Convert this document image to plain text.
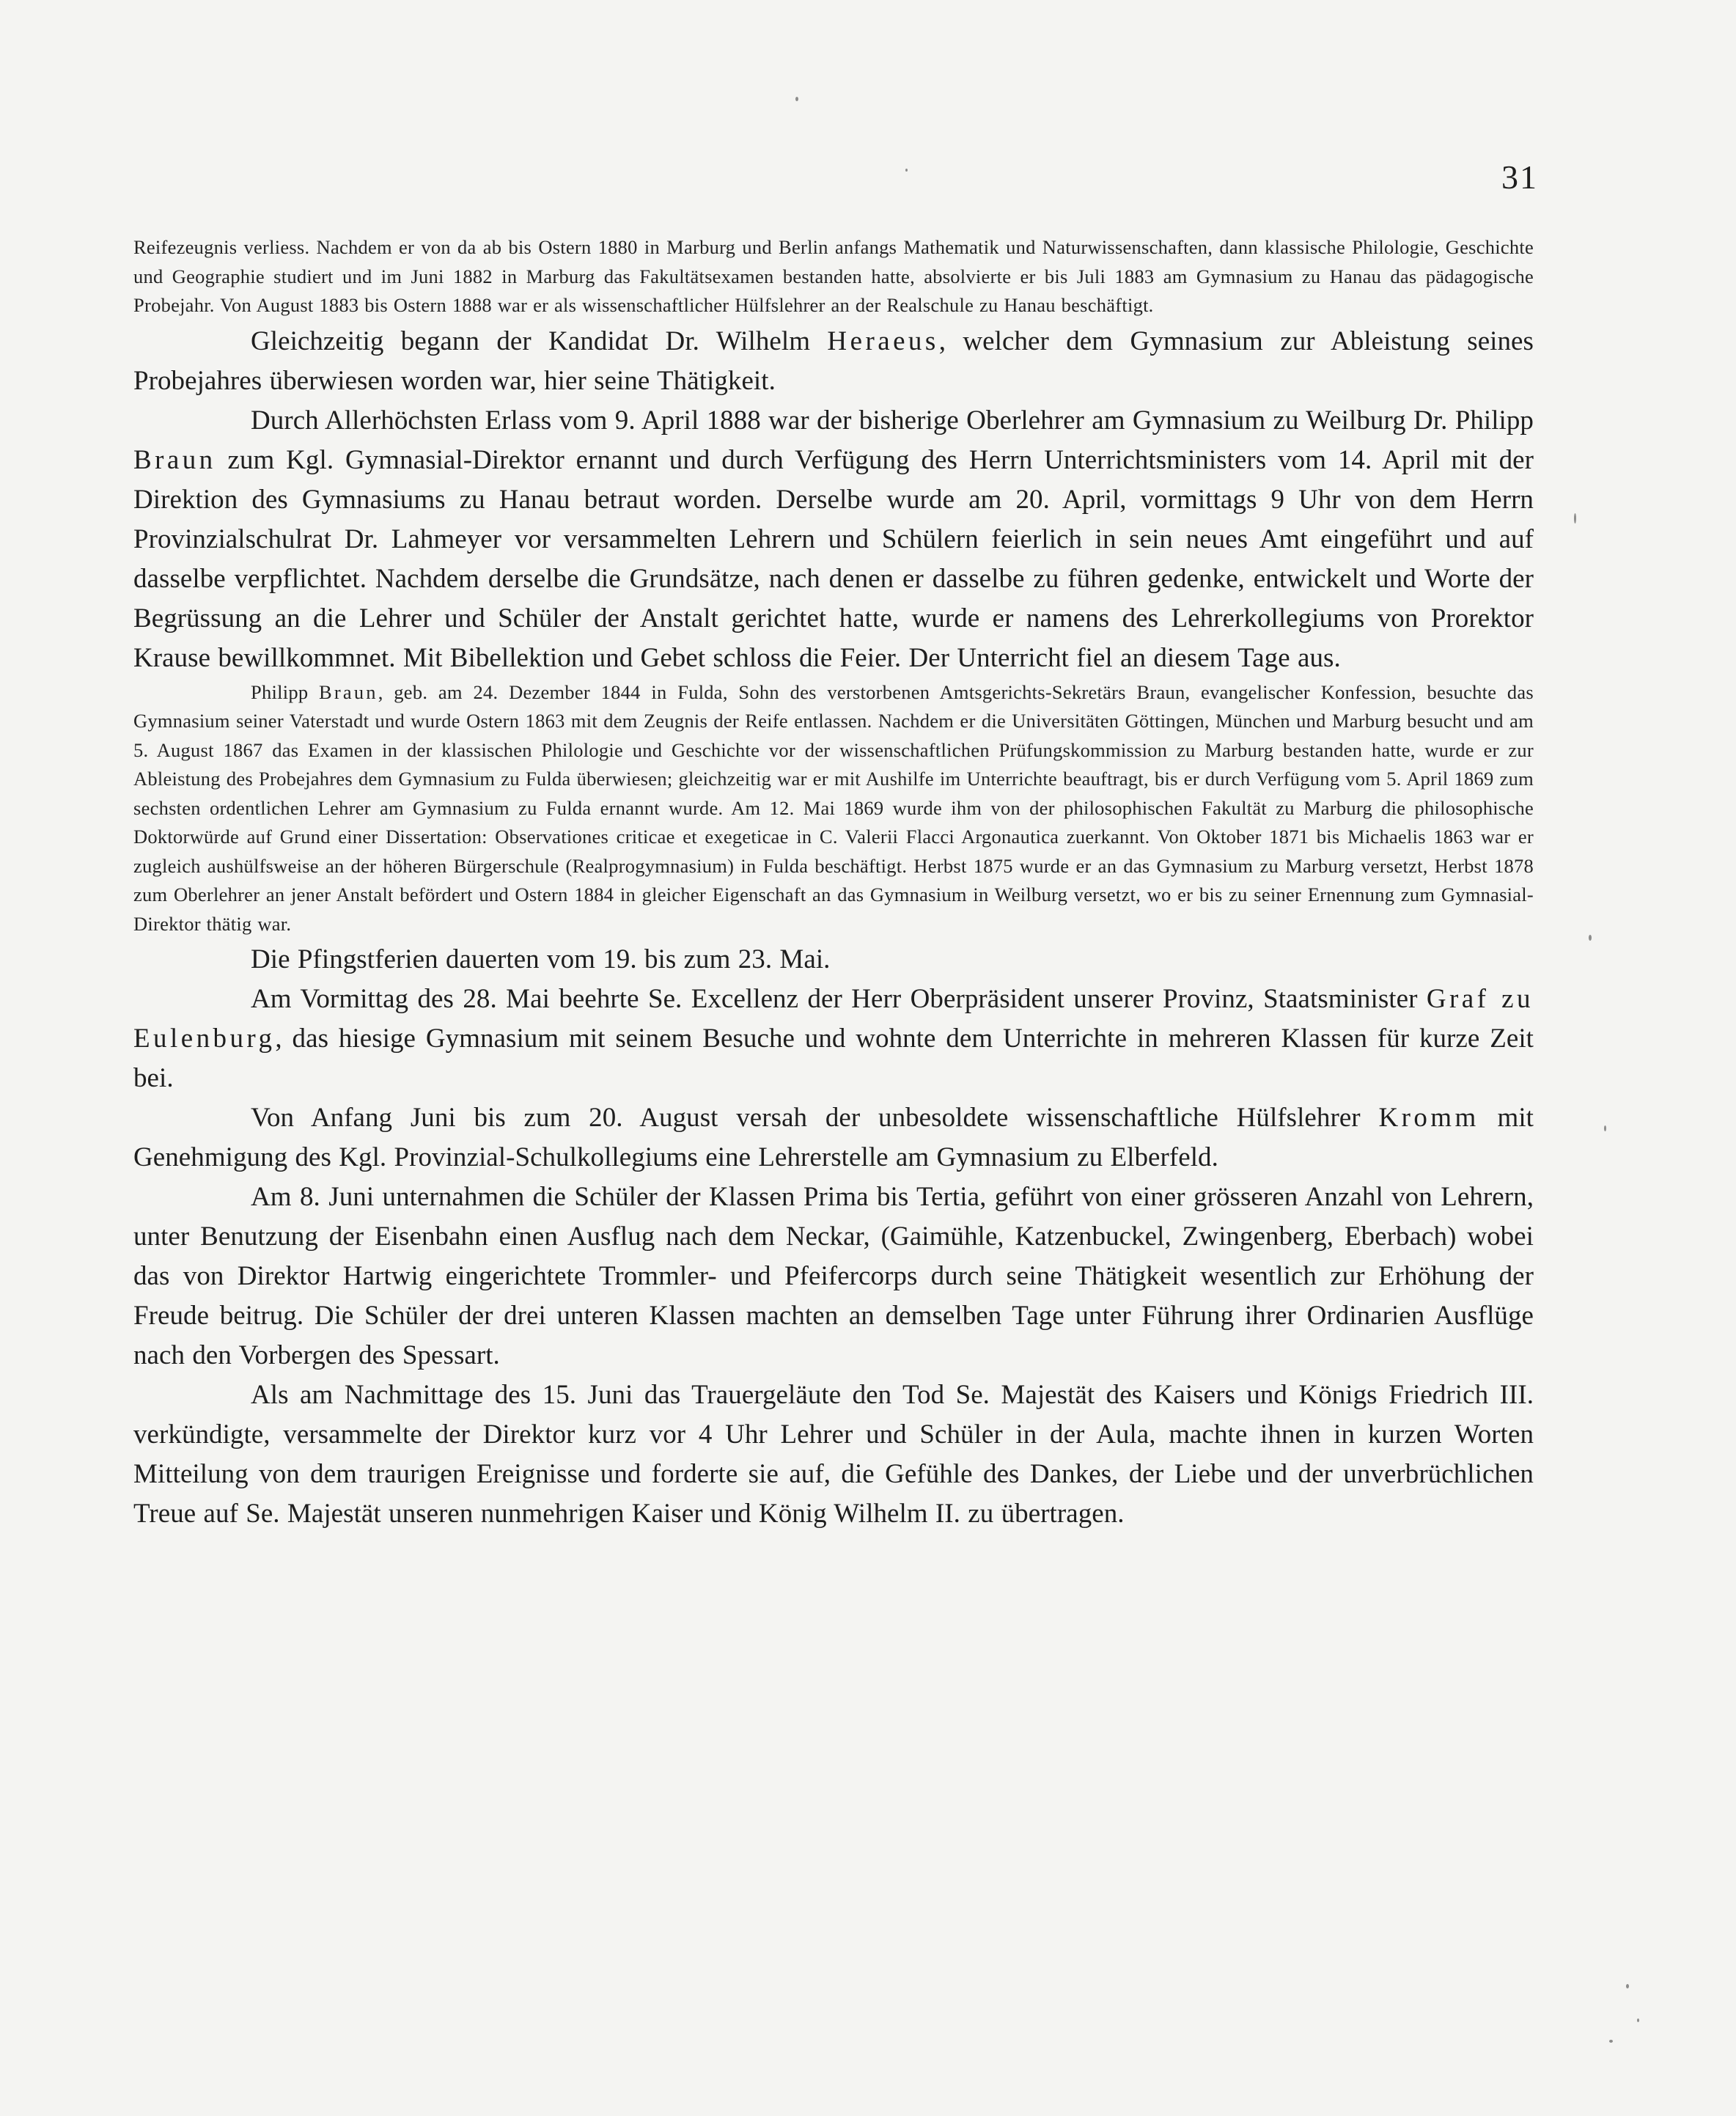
31

Reifezeugnis verliess. Nachdem er von da ab bis Ostern 1880 in Marburg und Berlin anfangs Mathematik und Naturwissenschaften, dann klassische Philologie, Geschichte und Geographie studiert und im Juni 1882 in Marburg das Fakultätsexamen bestanden hatte, absolvierte er bis Juli 1883 am Gymnasium zu Hanau das pädagogische Probejahr. Von August 1883 bis Ostern 1888 war er als wissenschaftlicher Hülfslehrer an der Realschule zu Hanau beschäftigt.

Gleichzeitig begann der Kandidat Dr. Wilhelm Heraeus, welcher dem Gymnasium zur Ableistung seines Probejahres überwiesen worden war, hier seine Thätigkeit.

Durch Allerhöchsten Erlass vom 9. April 1888 war der bisherige Oberlehrer am Gymnasium zu Weilburg Dr. Philipp Braun zum Kgl. Gymnasial-Direktor ernannt und durch Verfügung des Herrn Unterrichtsministers vom 14. April mit der Direktion des Gymnasiums zu Hanau betraut worden. Derselbe wurde am 20. April, vormittags 9 Uhr von dem Herrn Provinzialschulrat Dr. Lahmeyer vor versammelten Lehrern und Schülern feierlich in sein neues Amt eingeführt und auf dasselbe verpflichtet. Nachdem derselbe die Grundsätze, nach denen er dasselbe zu führen gedenke, entwickelt und Worte der Begrüssung an die Lehrer und Schüler der Anstalt gerichtet hatte, wurde er namens des Lehrerkollegiums von Prorektor Krause bewillkommnet. Mit Bibellektion und Gebet schloss die Feier. Der Unterricht fiel an diesem Tage aus.

Philipp Braun, geb. am 24. Dezember 1844 in Fulda, Sohn des verstorbenen Amtsgerichts-Sekretärs Braun, evangelischer Konfession, besuchte das Gymnasium seiner Vaterstadt und wurde Ostern 1863 mit dem Zeugnis der Reife entlassen. Nachdem er die Universitäten Göttingen, München und Marburg besucht und am 5. August 1867 das Examen in der klassischen Philologie und Geschichte vor der wissenschaftlichen Prüfungskommission zu Marburg bestanden hatte, wurde er zur Ableistung des Probejahres dem Gymnasium zu Fulda überwiesen; gleichzeitig war er mit Aushilfe im Unterrichte beauftragt, bis er durch Verfügung vom 5. April 1869 zum sechsten ordentlichen Lehrer am Gymnasium zu Fulda ernannt wurde. Am 12. Mai 1869 wurde ihm von der philosophischen Fakultät zu Marburg die philosophische Doktorwürde auf Grund einer Dissertation: Observationes criticae et exegeticae in C. Valerii Flacci Argonautica zuerkannt. Von Oktober 1871 bis Michaelis 1863 war er zugleich aushülfsweise an der höheren Bürgerschule (Realprogymnasium) in Fulda beschäftigt. Herbst 1875 wurde er an das Gymnasium zu Marburg versetzt, Herbst 1878 zum Oberlehrer an jener Anstalt befördert und Ostern 1884 in gleicher Eigenschaft an das Gymnasium in Weilburg versetzt, wo er bis zu seiner Ernennung zum Gymnasial-Direktor thätig war.

Die Pfingstferien dauerten vom 19. bis zum 23. Mai.

Am Vormittag des 28. Mai beehrte Se. Excellenz der Herr Oberpräsident unserer Provinz, Staatsminister Graf zu Eulenburg, das hiesige Gymnasium mit seinem Besuche und wohnte dem Unterrichte in mehreren Klassen für kurze Zeit bei.

Von Anfang Juni bis zum 20. August versah der unbesoldete wissenschaftliche Hülfslehrer Kromm mit Genehmigung des Kgl. Provinzial-Schulkollegiums eine Lehrerstelle am Gymnasium zu Elberfeld.

Am 8. Juni unternahmen die Schüler der Klassen Prima bis Tertia, geführt von einer grösseren Anzahl von Lehrern, unter Benutzung der Eisenbahn einen Ausflug nach dem Neckar, (Gaimühle, Katzenbuckel, Zwingenberg, Eberbach) wobei das von Direktor Hartwig eingerichtete Trommler- und Pfeifercorps durch seine Thätigkeit wesentlich zur Erhöhung der Freude beitrug. Die Schüler der drei unteren Klassen machten an demselben Tage unter Führung ihrer Ordinarien Ausflüge nach den Vorbergen des Spessart.

Als am Nachmittage des 15. Juni das Trauergeläute den Tod Se. Majestät des Kaisers und Königs Friedrich III. verkündigte, versammelte der Direktor kurz vor 4 Uhr Lehrer und Schüler in der Aula, machte ihnen in kurzen Worten Mitteilung von dem traurigen Ereignisse und forderte sie auf, die Gefühle des Dankes, der Liebe und der unverbrüchlichen Treue auf Se. Majestät unseren nunmehrigen Kaiser und König Wilhelm II. zu übertragen.
